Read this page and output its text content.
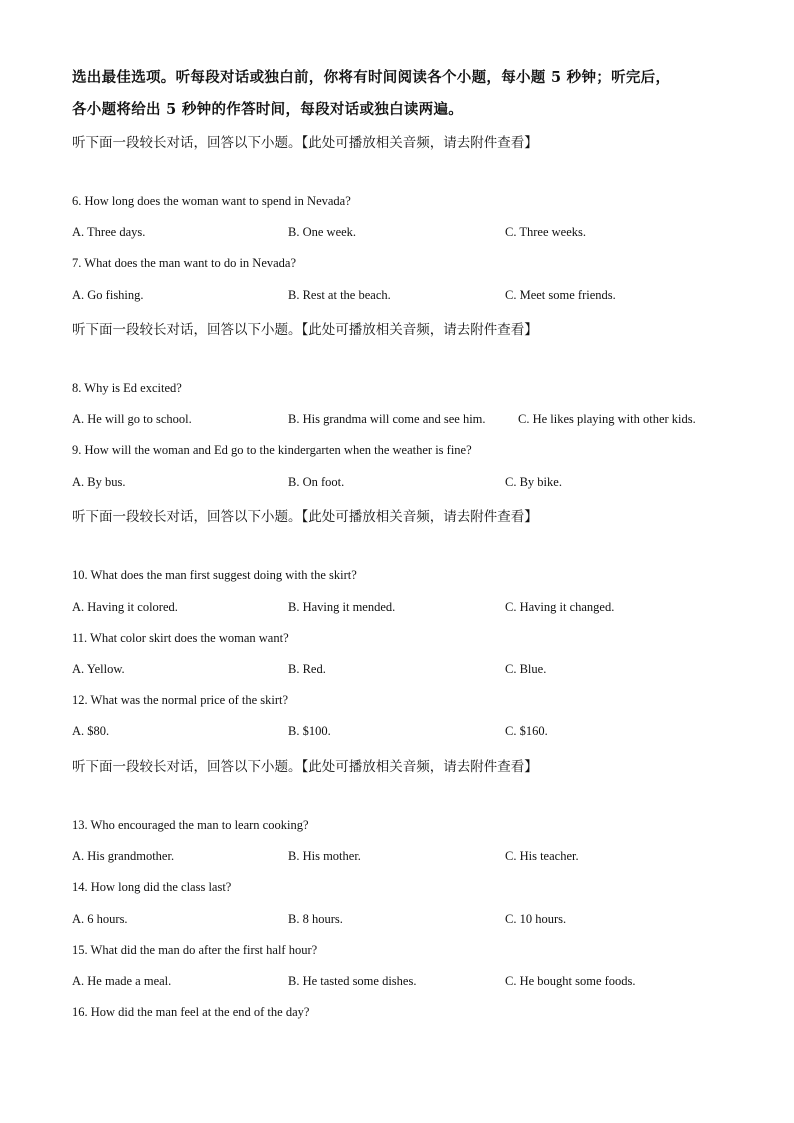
选出最佳选项。听每段对话或独白前，你将有时间阅读各个小题，每小题 5 秒钟；听完后，
各小题将给出 5 秒钟的作答时间，每段对话或独白读两遍。
听下面一段较长对话，回答以下小题。【此处可播放相关音频，请去附件查看】
6. How long does the woman want to spend in Nevada?
A. Three days.	B. One week.	C. Three weeks.
7. What does the man want to do in Nevada?
A. Go fishing.	B. Rest at the beach.	C. Meet some friends.
听下面一段较长对话，回答以下小题。【此处可播放相关音频，请去附件查看】
8. Why is Ed excited?
A. He will go to school.	B. His grandma will come and see him.	C. He likes playing with other kids.
9. How will the woman and Ed go to the kindergarten when the weather is fine?
A. By bus.	B. On foot.	C. By bike.
听下面一段较长对话，回答以下小题。【此处可播放相关音频，请去附件查看】
10. What does the man first suggest doing with the skirt?
A. Having it colored.	B. Having it mended.	C. Having it changed.
11. What color skirt does the woman want?
A. Yellow.	B. Red.	C. Blue.
12. What was the normal price of the skirt?
A. $80.	B. $100.	C. $160.
听下面一段较长对话，回答以下小题。【此处可播放相关音频，请去附件查看】
13. Who encouraged the man to learn cooking?
A. His grandmother.	B. His mother.	C. His teacher.
14. How long did the class last?
A. 6 hours.	B. 8 hours.	C. 10 hours.
15. What did the man do after the first half hour?
A. He made a meal.	B. He tasted some dishes.	C. He bought some foods.
16. How did the man feel at the end of the day?
